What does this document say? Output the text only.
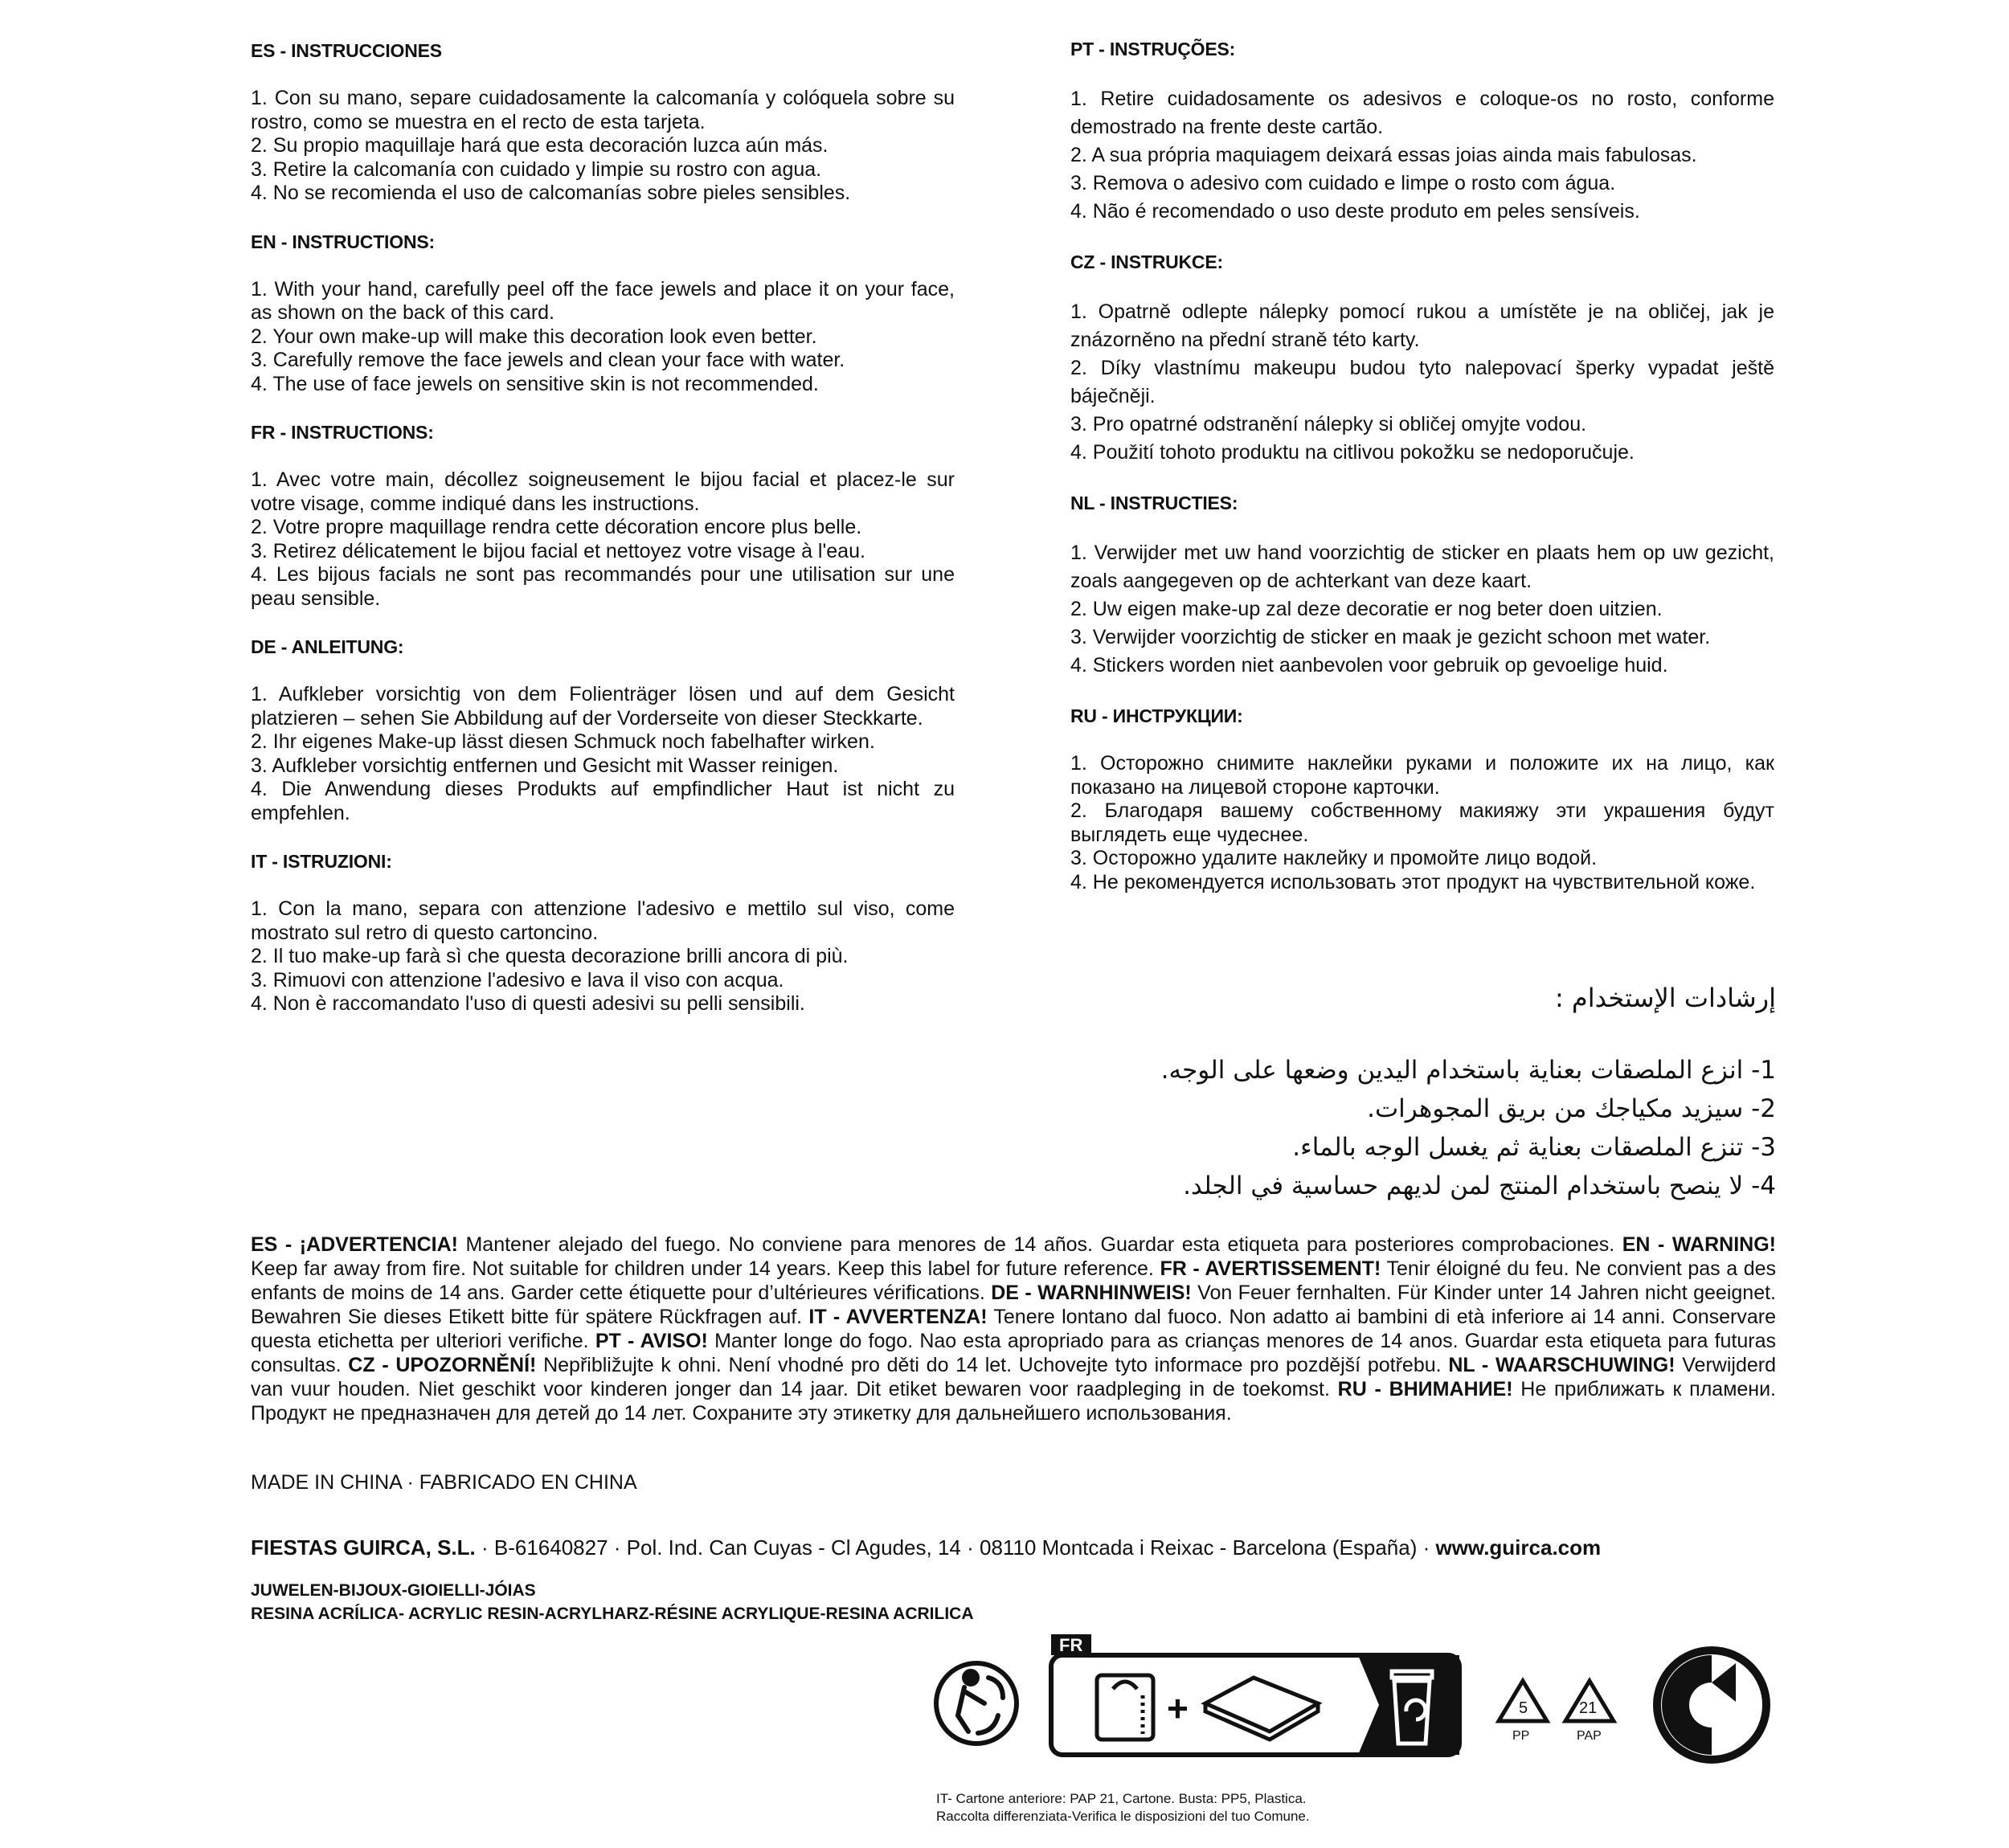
ES - INSTRUCCIONES
1. Con su mano, separe cuidadosamente la calcomanía y colóquela sobre su rostro, como se muestra en el recto de esta tarjeta.
2. Su propio maquillaje hará que esta decoración luzca aún más.
3. Retire la calcomanía con cuidado y limpie su rostro con agua.
4. No se recomienda el uso de calcomanías sobre pieles sensibles.
EN - INSTRUCTIONS:
1. With your hand, carefully peel off the face jewels and place it on your face, as shown on the back of this card.
2. Your own make-up will make this decoration look even better.
3. Carefully remove the face jewels and clean your face with water.
4. The use of face jewels on sensitive skin is not recommended.
FR - INSTRUCTIONS:
1. Avec votre main, décollez soigneusement le bijou facial et placez-le sur votre visage, comme indiqué dans les instructions.
2. Votre propre maquillage rendra cette décoration encore plus belle.
3. Retirez délicatement le bijou facial et nettoyez votre visage à l'eau.
4. Les bijous facials ne sont pas recommandés pour une utilisation sur une peau sensible.
DE - ANLEITUNG:
1. Aufkleber vorsichtig von dem Folienträger lösen und auf dem Gesicht platzieren – sehen Sie Abbildung auf der Vorderseite von dieser Steckkarte.
2. Ihr eigenes Make-up lässt diesen Schmuck noch fabelhafter wirken.
3. Aufkleber vorsichtig entfernen und Gesicht mit Wasser reinigen.
4. Die Anwendung dieses Produkts auf empfindlicher Haut ist nicht zu empfehlen.
IT - ISTRUZIONI:
1. Con la mano, separa con attenzione l'adesivo e mettilo sul viso, come mostrato sul retro di questo cartoncino.
2. Il tuo make-up farà sì che questa decorazione brilli ancora di più.
3. Rimuovi con attenzione l'adesivo e lava il viso con acqua.
4. Non è raccomandato l'uso di questi adesivi su pelli sensibili.
PT - INSTRUÇÕES:
1. Retire cuidadosamente os adesivos e coloque-os no rosto, conforme demostrado na frente deste cartão.
2. A sua própria maquiagem deixará essas joias ainda mais fabulosas.
3. Remova o adesivo com cuidado e limpe o rosto com água.
4. Não é recomendado o uso deste produto em peles sensíveis.
CZ - INSTRUKCE:
1. Opatrně odlepte nálepky pomocí rukou a umístěte je na obličej, jak je znázorněno na přední straně této karty.
2. Díky vlastnímu makeupu budou tyto nalepovací šperky vypadat ještě báječněji.
3. Pro opatrné odstranění nálepky si obličej omyjte vodou.
4. Použití tohoto produktu na citlivou pokožku se nedoporučuje.
NL - INSTRUCTIES:
1. Verwijder met uw hand voorzichtig de sticker en plaats hem op uw gezicht, zoals aangegeven op de achterkant van deze kaart.
2. Uw eigen make-up zal deze decoratie er nog beter doen uitzien.
3. Verwijder voorzichtig de sticker en maak je gezicht schoon met water.
4. Stickers worden niet aanbevolen voor gebruik op gevoelige huid.
RU - ИНСТРУКЦИИ:
1. Осторожно снимите наклейки руками и положите их на лицо, как показано на лицевой стороне карточки.
2. Благодаря вашему собственному макияжу эти украшения будут выглядеть еще чудеснее.
3. Осторожно удалите наклейку и промойте лицо водой.
4. Не рекомендуется использовать этот продукт на чувствительной коже.
إرشادات الإستخدام :
1- انزع الملصقات بعناية باستخدام اليدين وضعها على الوجه.
2- سيزيد مكياجك من بريق المجوهرات.
3- تنزع الملصقات بعناية ثم يغسل الوجه بالماء.
4- لا ينصح باستخدام المنتج لمن لديهم حساسية في الجلد.
ES - ¡ADVERTENCIA! Mantener alejado del fuego. No conviene para menores de 14 años. Guardar esta etiqueta para posteriores comprobaciones. EN - WARNING! Keep far away from fire. Not suitable for children under 14 years. Keep this label for future reference. FR - AVERTISSEMENT! Tenir éloigné du feu. Ne convient pas a des enfants de moins de 14 ans. Garder cette étiquette pour d’ultérieures vérifications. DE - WARNHINWEIS! Von Feuer fernhalten. Für Kinder unter 14 Jahren nicht geeignet. Bewahren Sie dieses Etikett bitte für spätere Rückfragen auf. IT - AVVERTENZA! Tenere lontano dal fuoco. Non adatto ai bambini di età inferiore ai 14 anni. Conservare questa etichetta per ulteriori verifiche. PT - AVISO! Manter longe do fogo. Nao esta apropriado para as crianças menores de 14 anos. Guardar esta etiqueta para futuras consultas. CZ - UPOZORNĚNÍ! Nepřibližujte k ohni. Není vhodné pro děti do 14 let. Uchovejte tyto informace pro pozdější potřebu. NL - WAARSCHUWING! Verwijderd van vuur houden. Niet geschikt voor kinderen jonger dan 14 jaar. Dit etiket bewaren voor raadpleging in de toekomst. RU - ВНИМАНИЕ! Не приближать к пламени. Продукт не предназначен для детей до 14 лет. Сохраните эту этикетку для дальнейшего использования.
MADE IN CHINA · FABRICADO EN CHINA
FIESTAS GUIRCA, S.L. · B-61640827 · Pol. Ind. Can Cuyas - Cl Agudes, 14 · 08110 Montcada i Reixac - Barcelona (España) · www.guirca.com
JUWELEN-BIJOUX-GIOIELLI-JÓIAS
RESINA ACRÍLICA- ACRYLIC RESIN-ACRYLHARZ-RÉSINE ACRYLIQUE-RESINA ACRILICA
FR
+	5
PP
21
PAP
IT- Cartone anteriore: PAP 21, Cartone. Busta: PP5, Plastica.
Raccolta differenziata-Verifica le disposizioni del tuo Comune.
